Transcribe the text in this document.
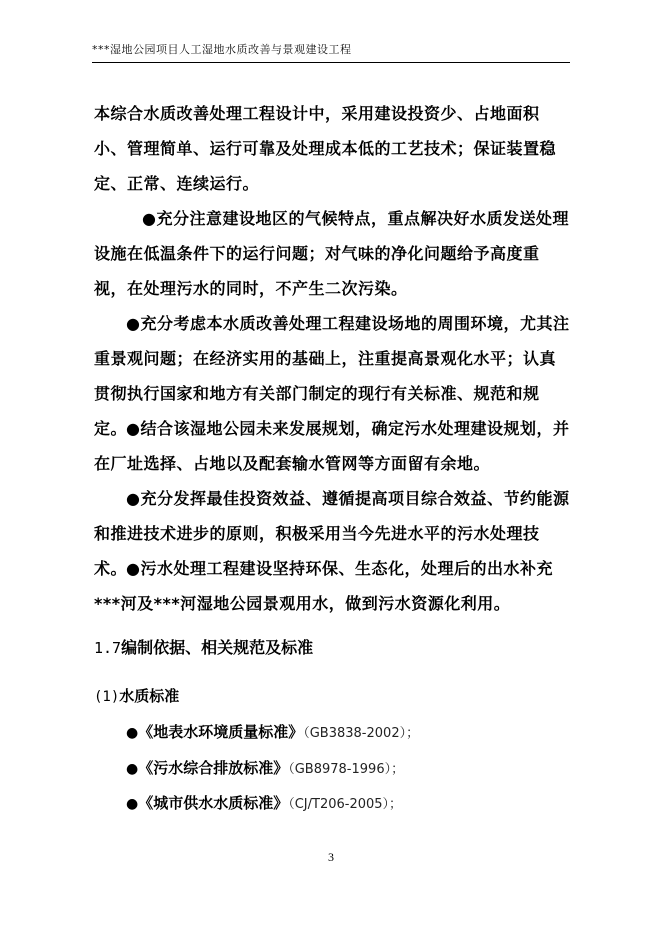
***湿地公园项目人工湿地水质改善与景观建设工程

本综合水质改善处理工程设计中，采用建设投资少、占地面积小、管理简单、运行可靠及处理成本低的工艺技术；保证装置稳定、正常、连续运行。

●充分注意建设地区的气候特点，重点解决好水质发送处理设施在低温条件下的运行问题；对气味的净化问题给予高度重视，在处理污水的同时，不产生二次污染。

●充分考虑本水质改善处理工程建设场地的周围环境，尤其注重景观问题；在经济实用的基础上，注重提高景观化水平；认真贯彻执行国家和地方有关部门制定的现行有关标准、规范和规定。

●结合该湿地公园未来发展规划，确定污水处理建设规划，并在厂址选择、占地以及配套输水管网等方面留有余地。

●充分发挥最佳投资效益、遵循提高项目综合效益、节约能源和推进技术进步的原则，积极采用当今先进水平的污水处理技术。

●污水处理工程建设坚持环保、生态化，处理后的出水补充***河及***河湿地公园景观用水，做到污水资源化利用。

1.7编制依据、相关规范及标准

(1)水质标准

●《地表水环境质量标准》（GB3838-2002）；

●《污水综合排放标准》（GB8978-1996）；

●《城市供水水质标准》（CJ/T206-2005）；

3
